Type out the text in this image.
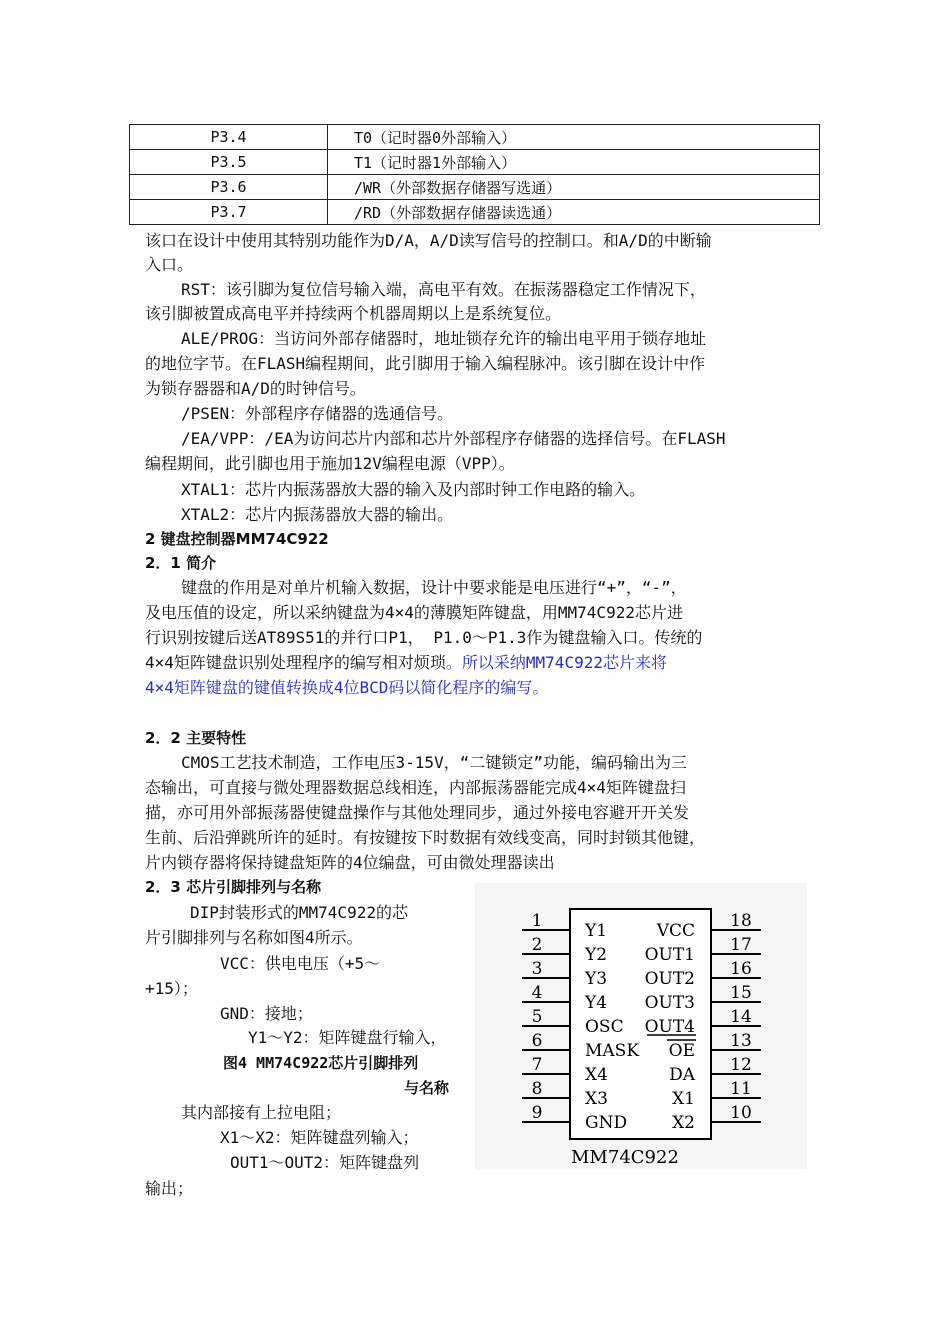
P3.4	T0（记时器0外部输入）
P3.5	T1（记时器1外部输入）
P3.6	/WR（外部数据存储器写选通）
P3.7	/RD（外部数据存储器读选通）
该口在设计中使用其特别功能作为D/A，A/D读写信号的控制口。和A/D的中断输
入口。
RST：该引脚为复位信号输入端，高电平有效。在振荡器稳定工作情况下，
该引脚被置成高电平并持续两个机器周期以上是系统复位。
ALE/PROG：当访问外部存储器时，地址锁存允许的输出电平用于锁存地址
的地位字节。在FLASH编程期间，此引脚用于输入编程脉冲。该引脚在设计中作
为锁存器器和A/D的时钟信号。
/PSEN：外部程序存储器的选通信号。
/EA/VPP：/EA为访问芯片内部和芯片外部程序存储器的选择信号。在FLASH
编程期间，此引脚也用于施加12V编程电源（VPP）。
XTAL1：芯片内振荡器放大器的输入及内部时钟工作电路的输入。
XTAL2：芯片内振荡器放大器的输出。
2 键盘控制器MM74C922
2．1 简介
键盘的作用是对单片机输入数据，设计中要求能是电压进行“+”，“-”，
及电压值的设定，所以采纳键盘为4×4的薄膜矩阵键盘，用MM74C922芯片进
行识别按键后送AT89S51的并行口P1， P1.0～P1.3作为键盘输入口。传统的
4×4矩阵键盘识别处理程序的编写相对烦琐。所以采纳MM74C922芯片来将
4×4矩阵键盘的键值转换成4位BCD码以简化程序的编写。
2．2 主要特性
CMOS工艺技术制造，工作电压3-15V，“二键锁定”功能，编码输出为三
态输出，可直接与微处理器数据总线相连，内部振荡器能完成4×4矩阵键盘扫
描，亦可用外部振荡器使键盘操作与其他处理同步，通过外接电容避开开关发
生前、后沿弹跳所许的延时。有按键按下时数据有效线变高，同时封锁其他键，
片内锁存器将保持键盘矩阵的4位编盘，可由微处理器读出
2．3 芯片引脚排列与名称
DIP封装形式的MM74C922的芯
片引脚排列与名称如图4所示。
VCC：供电电压（+5～
+15）；
GND：接地；
Y1～Y2：矩阵键盘行输入，
图4 MM74C922芯片引脚排列
与名称
其内部接有上拉电阻；
X1～X2：矩阵键盘列输入；
OUT1～OUT2：矩阵键盘列
输出；
1	Y1	18
VCC
2	Y2	17
OUT1
3	Y3	16
OUT2
4	Y4	15
OUT3
5	OSC	14
OUT4
6	MASK	13
OE
7	X4	12
DA
8	X3	11
X1
9	GND	10
X2
MM74C922
